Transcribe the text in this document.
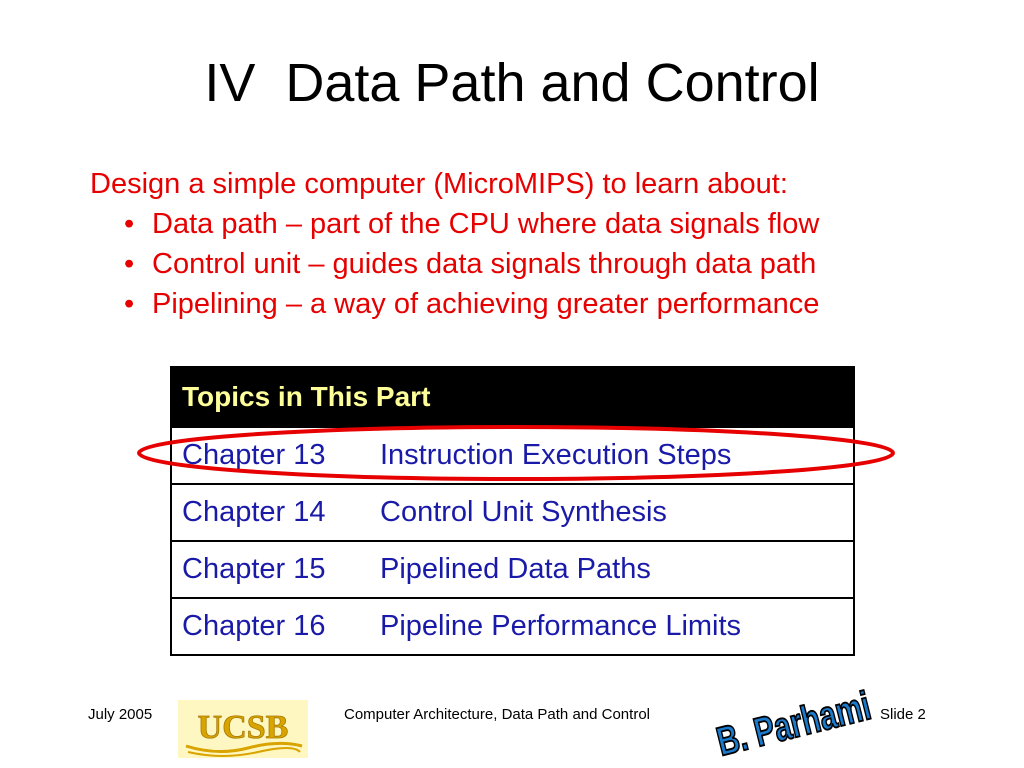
IV  Data Path and Control
Design a simple computer (MicroMIPS) to learn about:
• Data path – part of the CPU where data signals flow
• Control unit – guides data signals through data path
• Pipelining – a way of achieving greater performance
Topics in This Part
Chapter 13 Instruction Execution Steps
Chapter 14 Control Unit Synthesis
Chapter 15 Pipelined Data Paths
Chapter 16 Pipeline Performance Limits
July 2005 UCSB	Computer Architecture, Data Path and Control B. Parhami Slide 2
